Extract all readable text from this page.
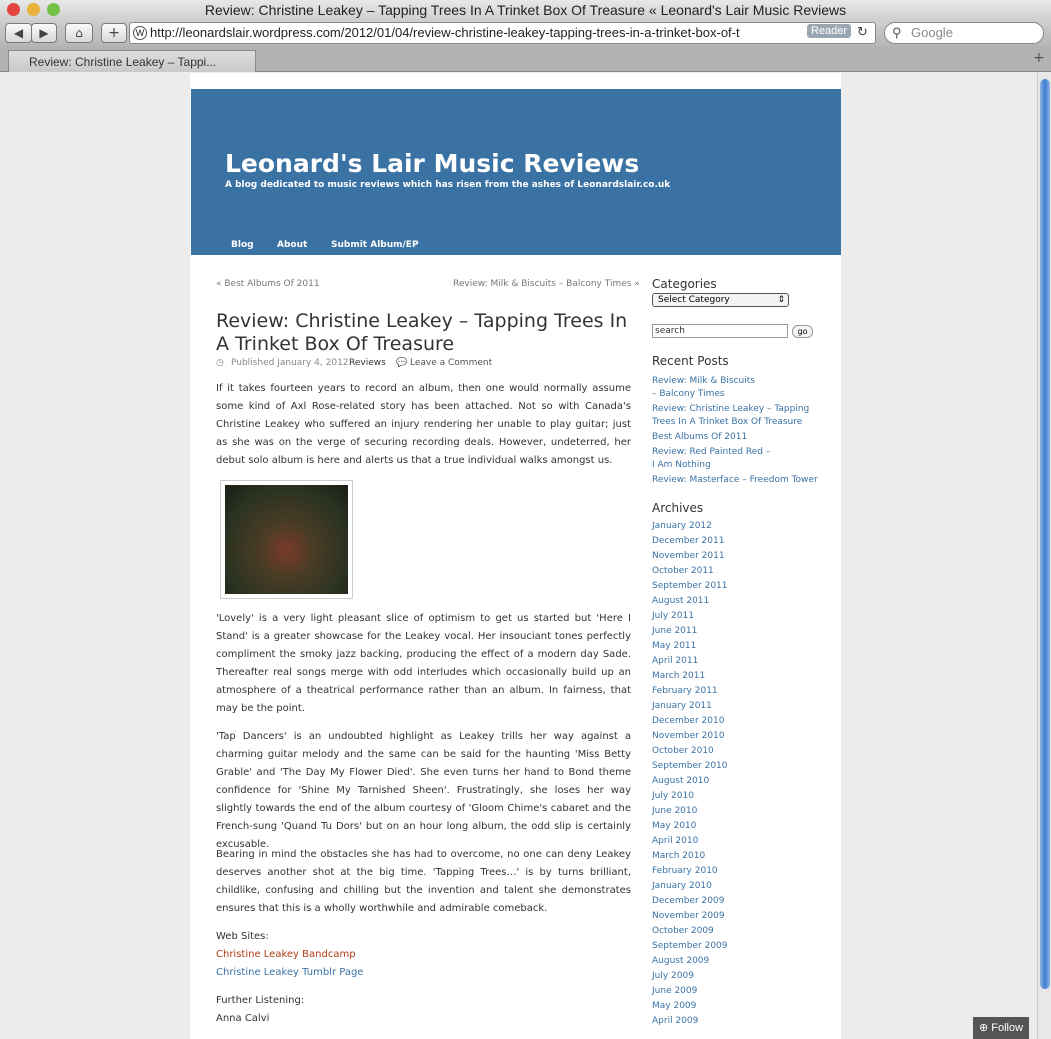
Review: Christine Leakey – Tapping Trees In A Trinket Box Of Treasure « Leonard's Lair Music Reviews
◀	▶	⌂	+	W http://leonardslair.wordpress.com/2012/01/04/review-christine-leakey-tapping-trees-in-a-trinket-box-of-t	Reader ↻ ⚲ Google
Review: Christine Leakey – Tappi...	+
Leonard's Lair Music Reviews
A blog dedicated to music reviews which has risen from the ashes of Leonardslair.co.uk
Blog	About	Submit Album/EP
« Best Albums Of 2011	Review: Milk & Biscuits – Balcony Times »
Review: Christine Leakey – Tapping Trees In A Trinket Box Of Treasure
◷ Published January 4, 2012 Reviews 💬 Leave a Comment
If it takes fourteen years to record an album, then one would normally assume some kind of Axl Rose-related story has been attached. Not so with Canada's Christine Leakey who suffered an injury rendering her unable to play guitar; just as she was on the verge of securing recording deals. However, undeterred, her debut solo album is here and alerts us that a true individual walks amongst us.
'Lovely' is a very light pleasant slice of optimism to get us started but 'Here I Stand' is a greater showcase for the Leakey vocal. Her insouciant tones perfectly compliment the smoky jazz backing, producing the effect of a modern day Sade. Thereafter real songs merge with odd interludes which occasionally build up an atmosphere of a theatrical performance rather than an album. In fairness, that may be the point.
'Tap Dancers' is an undoubted highlight as Leakey trills her way against a charming guitar melody and the same can be said for the haunting 'Miss Betty Grable' and 'The Day My Flower Died'. She even turns her hand to Bond theme confidence for 'Shine My Tarnished Sheen'. Frustratingly, she loses her way slightly towards the end of the album courtesy of 'Gloom Chime's cabaret and the French-sung 'Quand Tu Dors' but on an hour long album, the odd slip is certainly excusable.
Bearing in mind the obstacles she has had to overcome, no one can deny Leakey deserves another shot at the big time. 'Tapping Trees…' is by turns brilliant, childlike, confusing and chilling but the invention and talent she demonstrates ensures that this is a wholly worthwhile and admirable comeback.
Web Sites:
Christine Leakey Bandcamp
Christine Leakey Tumblr Page
Further Listening:
Anna Calvi
Categories
Select Category	⇕
search	go
Recent Posts
Review: Milk & Biscuits – Balcony Times
Review: Christine Leakey – Tapping Trees In A Trinket Box Of Treasure
Best Albums Of 2011
Review: Red Painted Red – I Am Nothing
Review: Masterface – Freedom Tower
Archives
January 2012
December 2011
November 2011
October 2011
September 2011
August 2011
July 2011
June 2011
May 2011
April 2011
March 2011
February 2011
January 2011
December 2010
November 2010
October 2010
September 2010
August 2010
July 2010
June 2010
May 2010
April 2010
March 2010
February 2010
January 2010
December 2009
November 2009
October 2009
September 2009
August 2009
July 2009
June 2009
May 2009
April 2009
⊕ Follow
